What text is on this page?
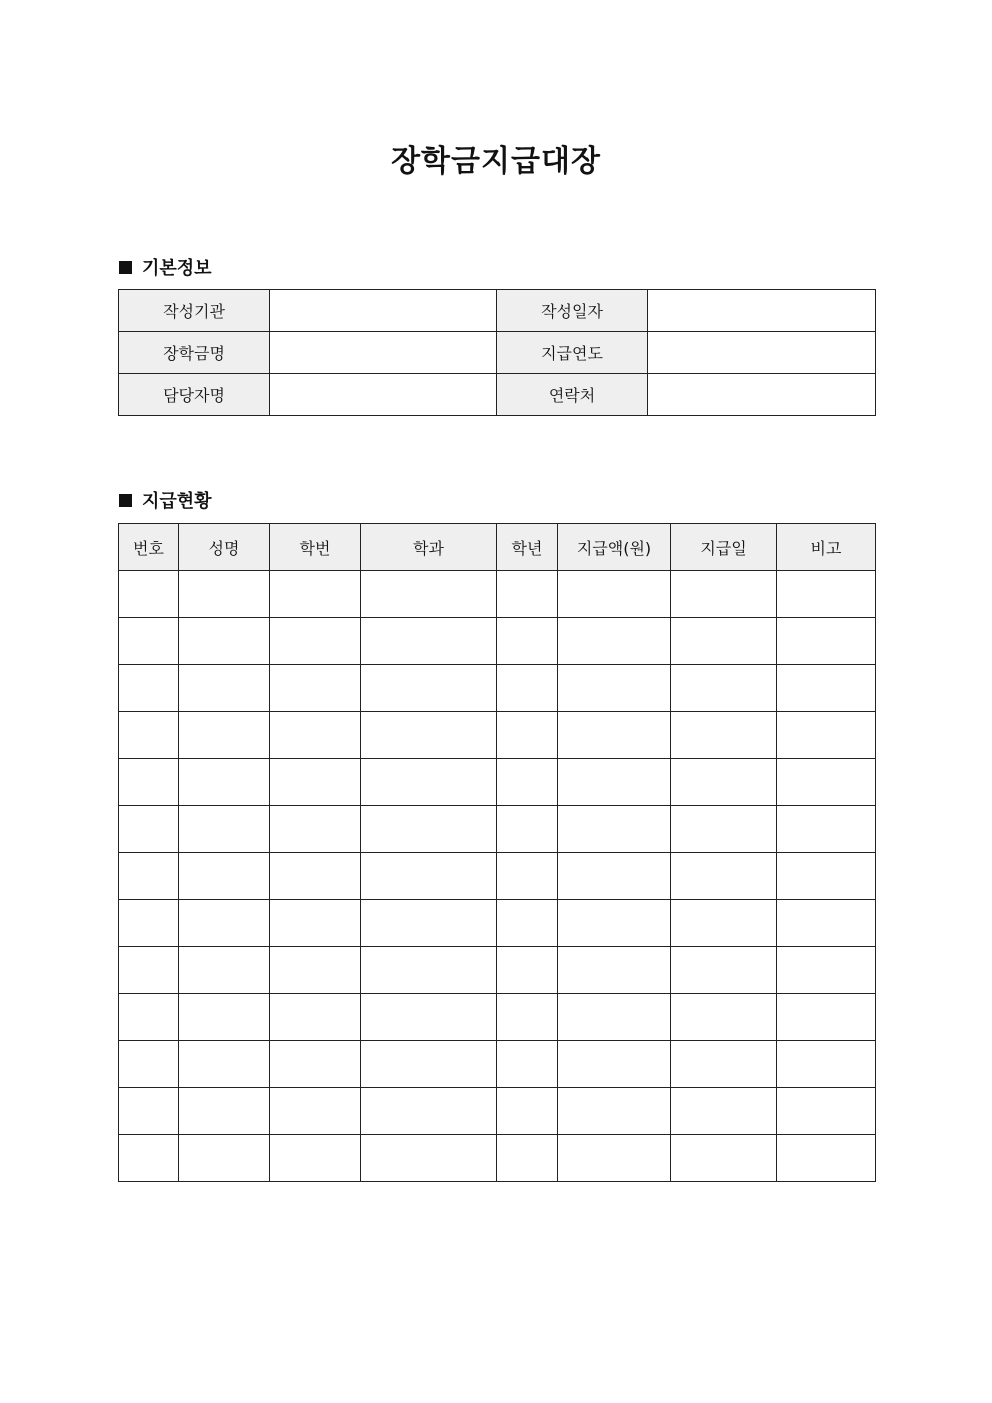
장학금지급대장
기본정보
작성기관		작성일자	
장학금명		지급연도	
담당자명		연락처	
지급현황
번호	성명	학번	학과	학년	지급액(원)	지급일	비고
